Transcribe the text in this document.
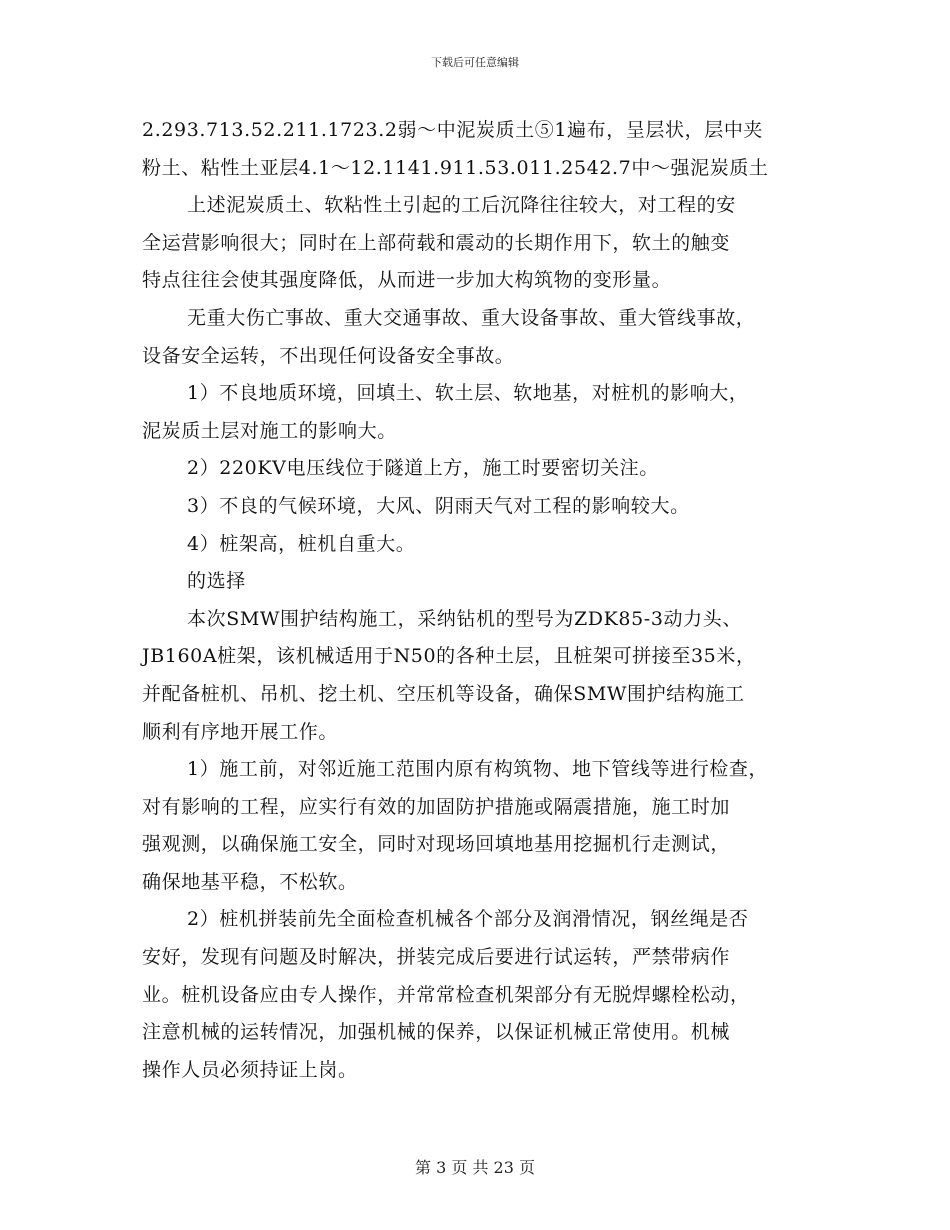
下载后可任意编辑
2.293.713.52.211.1723.2弱～中泥炭质土⑤1遍布，呈层状，层中夹
粉土、粘性土亚层4.1～12.1141.911.53.011.2542.7中～强泥炭质土
上述泥炭质土、软粘性土引起的工后沉降往往较大，对工程的安
全运营影响很大；同时在上部荷载和震动的长期作用下，软土的触变
特点往往会使其强度降低，从而进一步加大构筑物的变形量。
无重大伤亡事故、重大交通事故、重大设备事故、重大管线事故，
设备安全运转，不出现任何设备安全事故。
1）不良地质环境，回填土、软土层、软地基，对桩机的影响大，
泥炭质土层对施工的影响大。
2）220KV电压线位于隧道上方，施工时要密切关注。
3）不良的气候环境，大风、阴雨天气对工程的影响较大。
4）桩架高，桩机自重大。
的选择
本次SMW围护结构施工，采纳钻机的型号为ZDK85-3动力头、
JB160A桩架，该机械适用于N50的各种土层，且桩架可拼接至35米，
并配备桩机、吊机、挖土机、空压机等设备，确保SMW围护结构施工
顺利有序地开展工作。
1）施工前，对邻近施工范围内原有构筑物、地下管线等进行检查，
对有影响的工程，应实行有效的加固防护措施或隔震措施，施工时加
强观测，以确保施工安全，同时对现场回填地基用挖掘机行走测试，
确保地基平稳，不松软。
2）桩机拼装前先全面检查机械各个部分及润滑情况，钢丝绳是否
安好，发现有问题及时解决，拼装完成后要进行试运转，严禁带病作
业。桩机设备应由专人操作，并常常检查机架部分有无脱焊螺栓松动，
注意机械的运转情况，加强机械的保养，以保证机械正常使用。机械
操作人员必须持证上岗。
第 3 页 共 23 页
